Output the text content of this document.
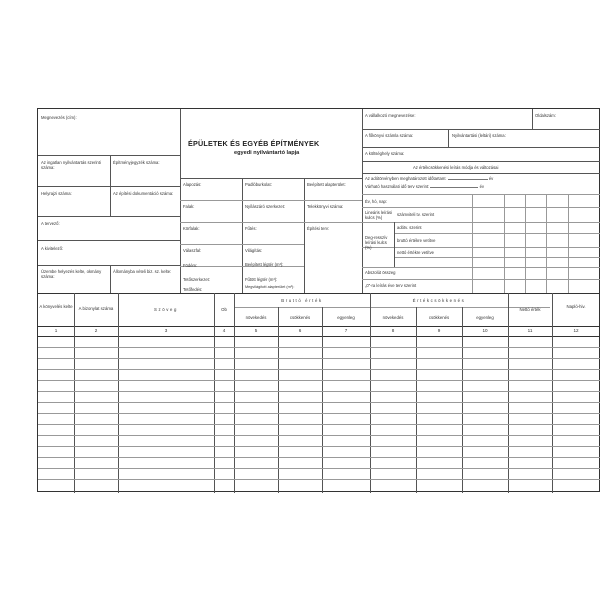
ÉPÜLETEK ÉS EGYÉB ÉPÍTMÉNYEK
egyedi nyilvántartó lapja
Megnevezés (cím):
Az ingatlan nyilvántartás szerinti száma:
Építményjegyzék száma:
Helyrajzi száma:	Az építési dokumentáció száma:
A tervező:
A kivitelező:
Üzembe helyezés kelte, okmány száma:
Állományba vételi biz. sz. kelte:
Alapozás:	Padlóburkolat:	Beépített alapterület:
Falak:	Nyílászáró szerkezet:	Telekkönyvi száma:
Körfalak:	Fűtés:	Építési terv:
Válaszfal:	Világítás:
Födém:	Beépített légtér (m³):
Tetőszerkezet:	Fűtött légtér (m³):
Tetőfedés:	Megvilágított alapterület (m²):
A vállalkozó megnevezése:	Oldalszám:
A főkönyvi számla száma:	Nyilvántartási (leltári) száma:
A költséghely száma:
Az értékcsökkenési leírás módja és változásai
Az adótörvényben meghatározott időtartam:	év
Várható használati idő terv szerint:	év
Év, hó, nap:
Lineáris leírási kulcs (%)
számviteli tv. szerint
adótv. szerint
Deg-resszív leírási kulcs (%)
bruttó értékre vetítve
nettó értékre vetítve
Abszolút összeg
„0”-ra leírás éve terv szerint
A könyvelés kelte	A bizonylat száma	Szöveg	Ob
Bruttó érték
növekedés	csökkenés	egyenleg
Értékcsökkenés
növekedés	csökkenés	egyenleg
Nettó érték
Napló-hiv.
1	2	3	4	5	6	7	8	9	10	11	12
